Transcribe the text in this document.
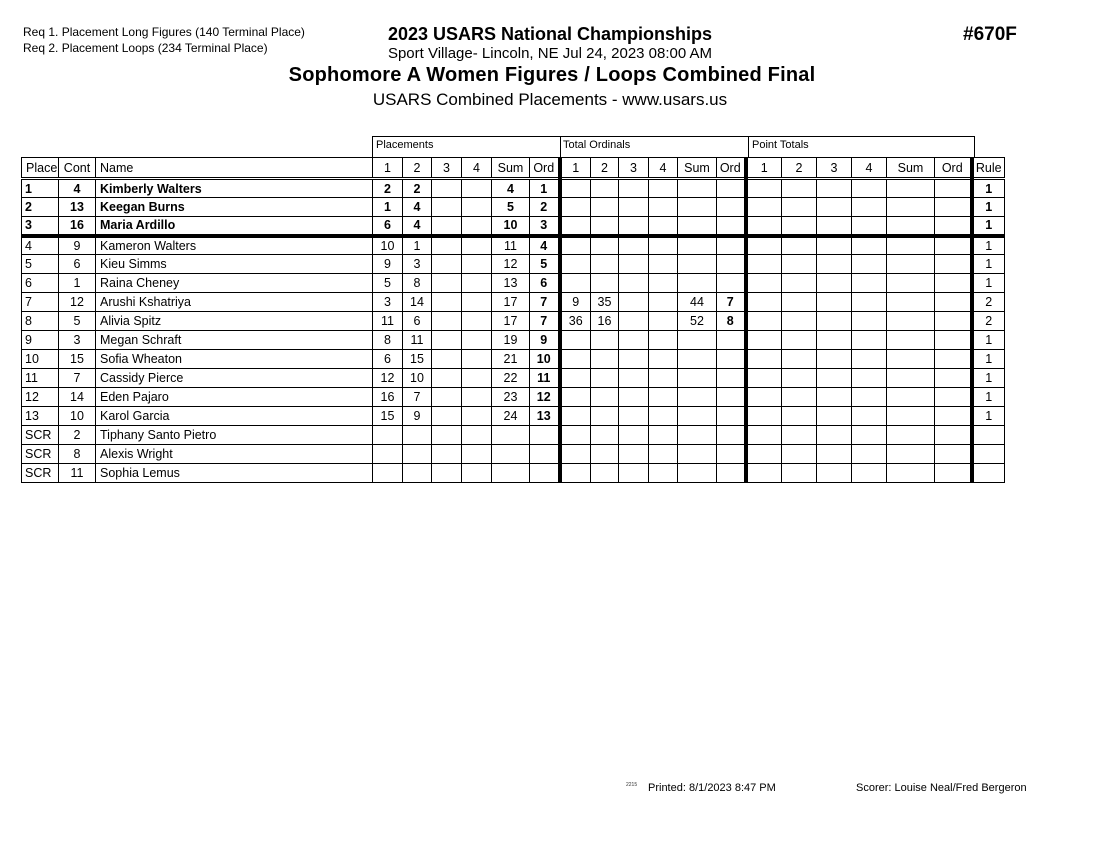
Req 1. Placement Long Figures (140 Terminal Place)
Req 2. Placement Loops (234 Terminal Place)
2023 USARS National Championships
Sport Village- Lincoln, NE Jul 24, 2023 08:00 AM
Sophomore A Women Figures / Loops Combined Final
USARS Combined Placements - www.usars.us
#670F
Placements	Total Ordinals	Point Totals
Place	Cont	Name	1	2	3	4	Sum	Ord	1	2	3	4	Sum	Ord	1	2	3	4	Sum	Ord	Rule
1	4	Kimberly Walters	2	2			4	1													1
2	13	Keegan Burns	1	4			5	2													1
3	16	Maria Ardillo	6	4			10	3													1
4	9	Kameron Walters	10	1			11	4													1
5	6	Kieu Simms	9	3			12	5													1
6	1	Raina Cheney	5	8			13	6													1
7	12	Arushi Kshatriya	3	14			17	7	9	35			44	7							2
8	5	Alivia Spitz	11	6			17	7	36	16			52	8							2
9	3	Megan Schraft	8	11			19	9													1
10	15	Sofia Wheaton	6	15			21	10													1
11	7	Cassidy Pierce	12	10			22	11													1
12	14	Eden Pajaro	16	7			23	12													1
13	10	Karol Garcia	15	9			24	13													1
SCR	2	Tiphany Santo Pietro																			
SCR	8	Alexis Wright																			
SCR	11	Sophia Lemus																			
2215 Printed: 8/1/2023 8:47 PM	Scorer: Louise Neal/Fred Bergeron
